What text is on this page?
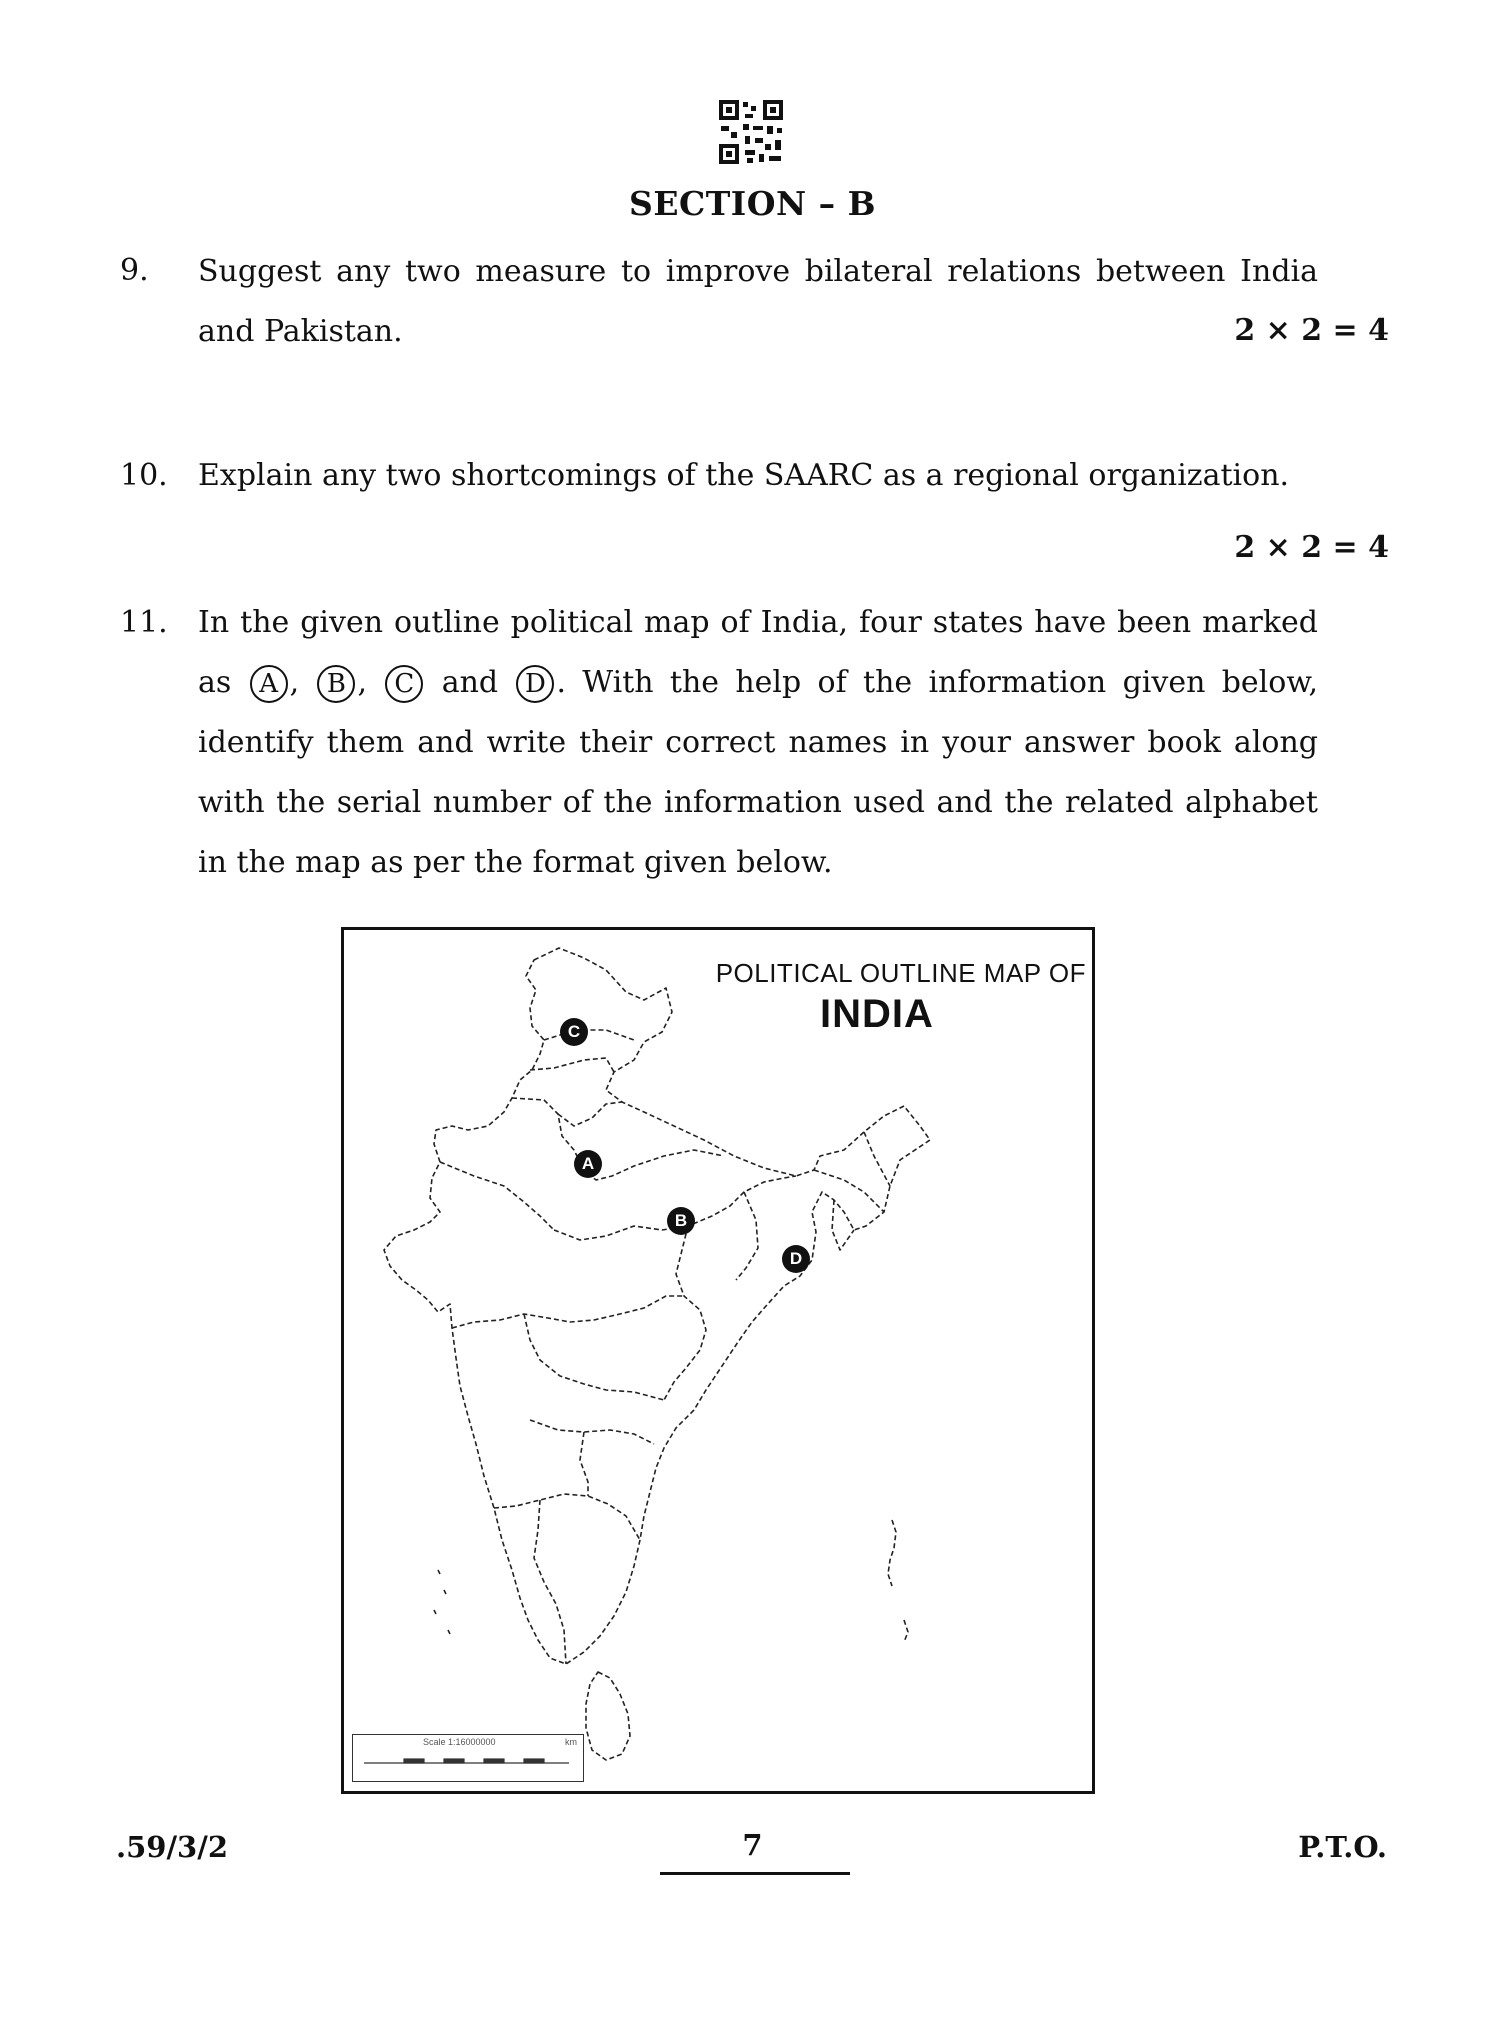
SECTION – B
9. Suggest any two measure to improve bilateral relations between India and Pakistan.	2 × 2 = 4
10. Explain any two shortcomings of the SAARC as a regional organization.
2 × 2 = 4
11. In the given outline political map of India, four states have been marked as A , B , C and D . With the help of the information given below, identify them and write their correct names in your answer book along with the serial number of the information used and the related alphabet in the map as per the format given below.
POLITICAL OUTLINE MAP OF
INDIA
C
A
B
D
Scale 1:16000000	km
.59/3/2	7	P.T.O.
